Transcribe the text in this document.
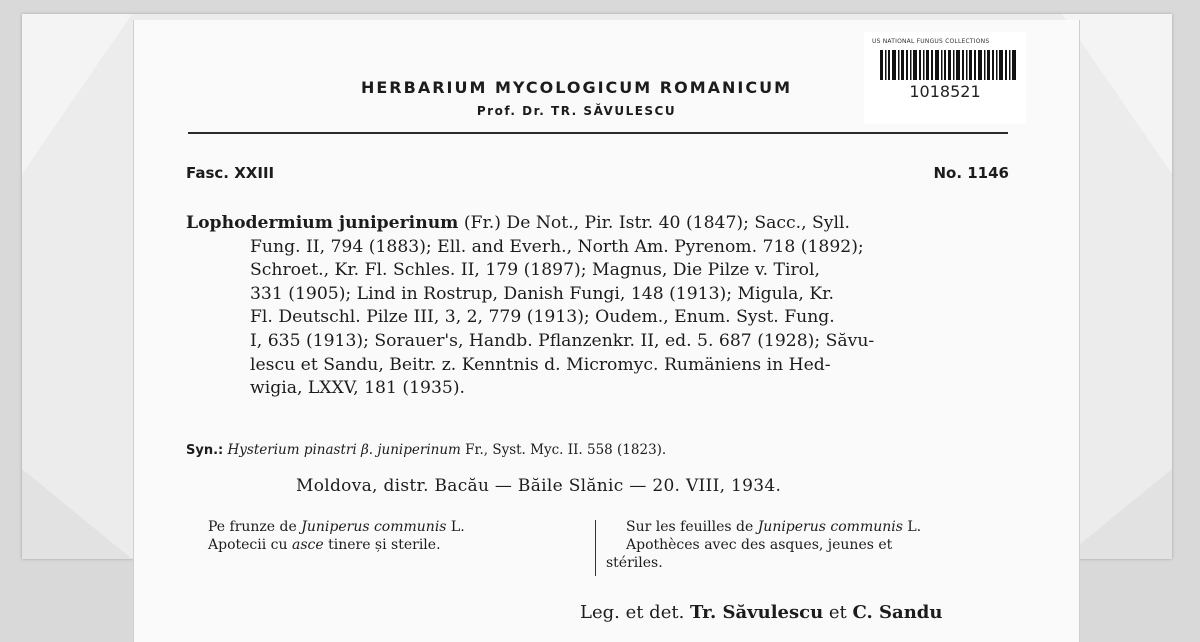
HERBARIUM MYCOLOGICUM ROMANICUM
Prof. Dr. TR. SĂVULESCU
US NATIONAL FUNGUS COLLECTIONS
1018521
Fasc. XXIII	No. 1146
Lophodermium juniperinum (Fr.) De Not., Pir. Istr. 40 (1847); Sacc., Syll.
Fung. II, 794 (1883); Ell. and Everh., North Am. Pyrenom. 718 (1892);
Schroet., Kr. Fl. Schles. II, 179 (1897); Magnus, Die Pilze v. Tirol,
331 (1905); Lind in Rostrup, Danish Fungi, 148 (1913); Migula, Kr.
Fl. Deutschl. Pilze III, 3, 2, 779 (1913); Oudem., Enum. Syst. Fung.
I, 635 (1913); Sorauer's, Handb. Pflanzenkr. II, ed. 5. 687 (1928); Săvu-
lescu et Sandu, Beitr. z. Kenntnis d. Micromyc. Rumäniens in Hed-
wigia, LXXV, 181 (1935).
Syn.: Hysterium pinastri β. juniperinum Fr., Syst. Myc. II. 558 (1823).
Moldova, distr. Bacău — Băile Slănic — 20. VIII, 1934.
Pe frunze de Juniperus communis L.
Apotecii cu asce tinere și sterile.
Sur les feuilles de Juniperus communis L.
Apothèces avec des asques, jeunes et
stériles.
Leg. et det. Tr. Săvulescu et C. Sandu
